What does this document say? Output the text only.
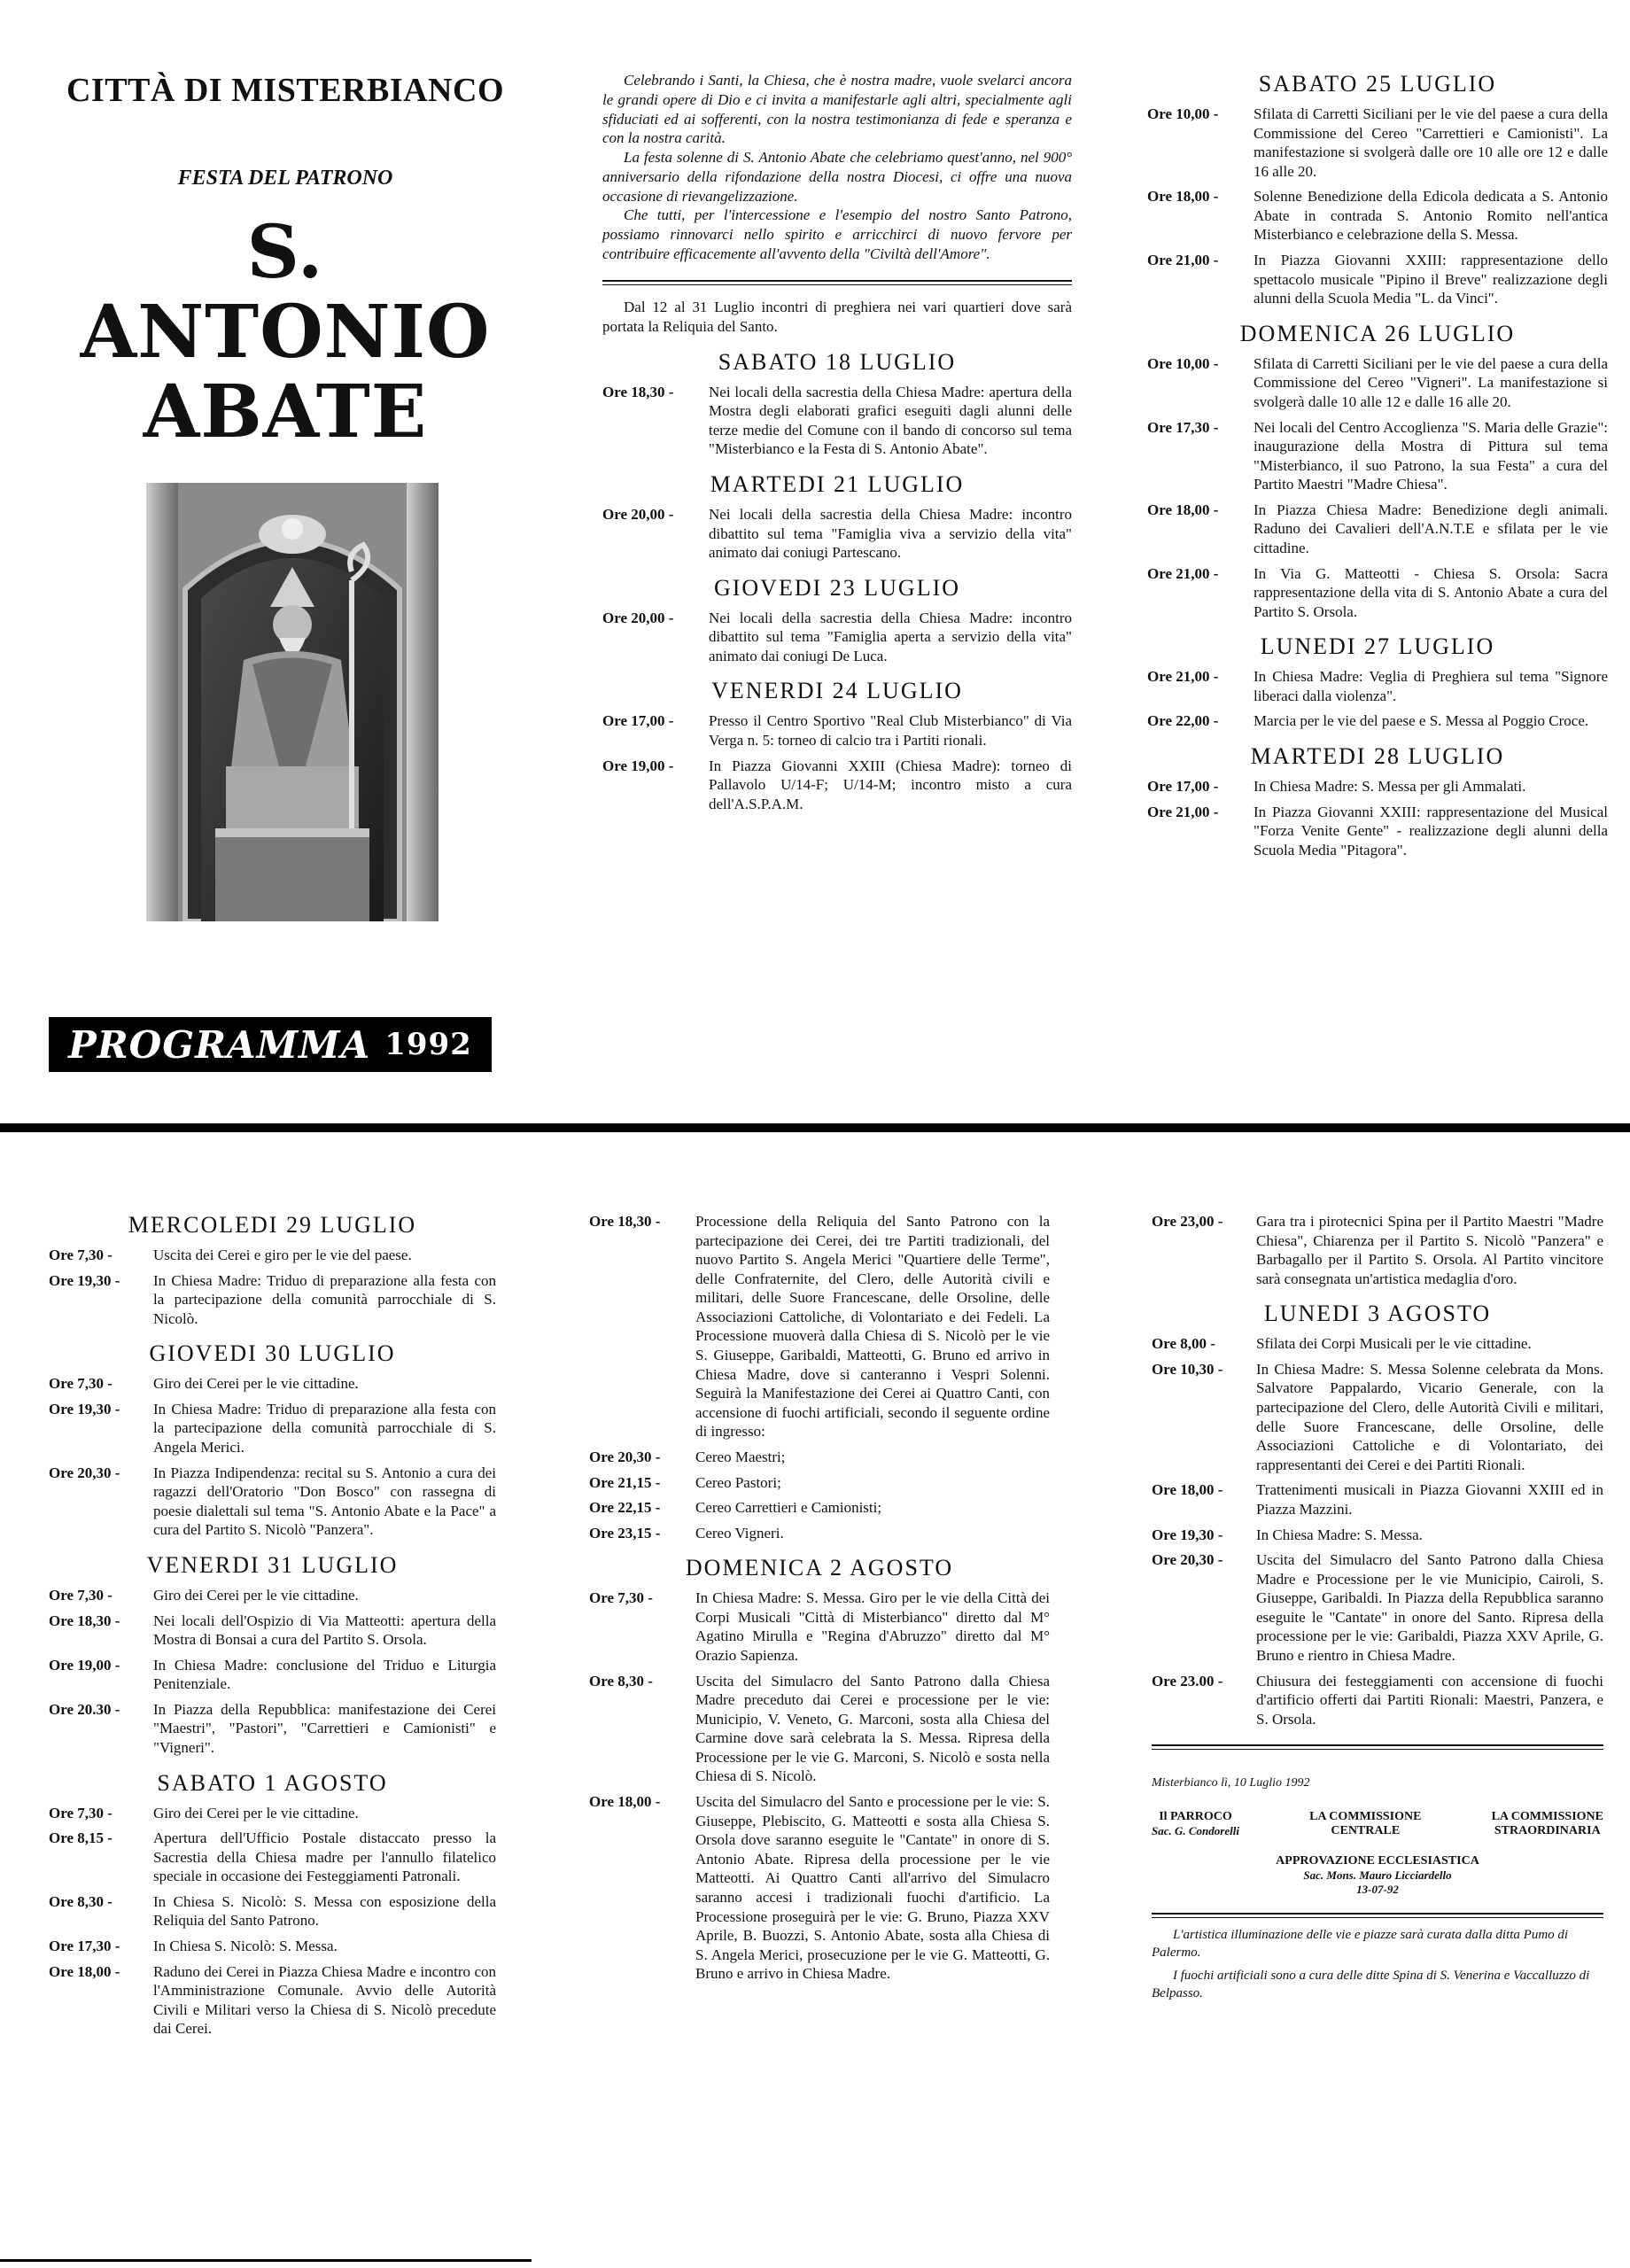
CITTÀ DI MISTERBIANCO
FESTA DEL PATRONO
S. ANTONIO
ABATE
PROGRAMMA 1992

Celebrando i Santi, la Chiesa, che è nostra madre, vuole svelarci ancora le grandi opere di Dio e ci invita a manifestarle agli altri, specialmente agli sfiduciati ed ai sofferenti, con la nostra testimonianza di fede e speranza e con la nostra carità.

La festa solenne di S. Antonio Abate che celebriamo quest'anno, nel 900° anniversario della rifondazione della nostra Diocesi, ci offre una nuova occasione di rievangelizzazione.

Che tutti, per l'intercessione e l'esempio del nostro Santo Patrono, possiamo rinnovarci nello spirito e arricchirci di nuovo fervore per contribuire efficacemente all'avvento della "Civiltà dell'Amore".

Dal 12 al 31 Luglio incontri di preghiera nei vari quartieri dove sarà portata la Reliquia del Santo.
SABATO 18 LUGLIO
Ore 18,30 -	Nei locali della sacrestia della Chiesa Madre: apertura della Mostra degli elaborati grafici eseguiti dagli alunni delle terze medie del Comune con il bando di concorso sul tema "Misterbianco e la Festa di S. Antonio Abate".
MARTEDI 21 LUGLIO
Ore 20,00 -	Nei locali della sacrestia della Chiesa Madre: incontro dibattito sul tema "Famiglia viva a servizio della vita" animato dai coniugi Partescano.
GIOVEDI 23 LUGLIO
Ore 20,00 -	Nei locali della sacrestia della Chiesa Madre: incontro dibattito sul tema "Famiglia aperta a servizio della vita" animato dai coniugi De Luca.
VENERDI 24 LUGLIO
Ore 17,00 -	Presso il Centro Sportivo "Real Club Misterbianco" di Via Verga n. 5: torneo di calcio tra i Partiti rionali.
Ore 19,00 -	In Piazza Giovanni XXIII (Chiesa Madre): torneo di Pallavolo U/14-F; U/14-M; incontro misto a cura dell'A.S.P.A.M.
SABATO 25 LUGLIO
Ore 10,00 -	Sfilata di Carretti Siciliani per le vie del paese a cura della Commissione del Cereo "Carrettieri e Camionisti". La manifestazione si svolgerà dalle ore 10 alle ore 12 e dalle 16 alle 20.
Ore 18,00 -	Solenne Benedizione della Edicola dedicata a S. Antonio Abate in contrada S. Antonio Romito nell'antica Misterbianco e celebrazione della S. Messa.
Ore 21,00 -	In Piazza Giovanni XXIII: rappresentazione dello spettacolo musicale "Pipino il Breve" realizzazione degli alunni della Scuola Media "L. da Vinci".
DOMENICA 26 LUGLIO
Ore 10,00 -	Sfilata di Carretti Siciliani per le vie del paese a cura della Commissione del Cereo "Vigneri". La manifestazione si svolgerà dalle 10 alle 12 e dalle 16 alle 20.
Ore 17,30 -	Nei locali del Centro Accoglienza "S. Maria delle Grazie": inaugurazione della Mostra di Pittura sul tema "Misterbianco, il suo Patrono, la sua Festa" a cura del Partito Maestri "Madre Chiesa".
Ore 18,00 -	In Piazza Chiesa Madre: Benedizione degli animali. Raduno dei Cavalieri dell'A.N.T.E e sfilata per le vie cittadine.
Ore 21,00 -	In Via G. Matteotti - Chiesa S. Orsola: Sacra rappresentazione della vita di S. Antonio Abate a cura del Partito S. Orsola.
LUNEDI 27 LUGLIO
Ore 21,00 -	In Chiesa Madre: Veglia di Preghiera sul tema "Signore liberaci dalla violenza".
Ore 22,00 -	Marcia per le vie del paese e S. Messa al Poggio Croce.
MARTEDI 28 LUGLIO
Ore 17,00 -	In Chiesa Madre: S. Messa per gli Ammalati.
Ore 21,00 -	In Piazza Giovanni XXIII: rappresentazione del Musical "Forza Venite Gente" - realizzazione degli alunni della Scuola Media "Pitagora".
MERCOLEDI 29 LUGLIO
Ore 7,30 -	Uscita dei Cerei e giro per le vie del paese.
Ore 19,30 -	In Chiesa Madre: Triduo di preparazione alla festa con la partecipazione della comunità parrocchiale di S. Nicolò.
GIOVEDI 30 LUGLIO
Ore 7,30 -	Giro dei Cerei per le vie cittadine.
Ore 19,30 -	In Chiesa Madre: Triduo di preparazione alla festa con la partecipazione della comunità parrocchiale di S. Angela Merici.
Ore 20,30 -	In Piazza Indipendenza: recital su S. Antonio a cura dei ragazzi dell'Oratorio "Don Bosco" con rassegna di poesie dialettali sul tema "S. Antonio Abate e la Pace" a cura del Partito S. Nicolò "Panzera".
VENERDI 31 LUGLIO
Ore 7,30 -	Giro dei Cerei per le vie cittadine.
Ore 18,30 -	Nei locali dell'Ospizio di Via Matteotti: apertura della Mostra di Bonsai a cura del Partito S. Orsola.
Ore 19,00 -	In Chiesa Madre: conclusione del Triduo e Liturgia Penitenziale.
Ore 20.30 -	In Piazza della Repubblica: manifestazione dei Cerei "Maestri", "Pastori", "Carrettieri e Camionisti" e "Vigneri".
SABATO 1 AGOSTO
Ore 7,30 -	Giro dei Cerei per le vie cittadine.
Ore 8,15 -	Apertura dell'Ufficio Postale distaccato presso la Sacrestia della Chiesa madre per l'annullo filatelico speciale in occasione dei Festeggiamenti Patronali.
Ore 8,30 -	In Chiesa S. Nicolò: S. Messa con esposizione della Reliquia del Santo Patrono.
Ore 17,30 -	In Chiesa S. Nicolò: S. Messa.
Ore 18,00 -	Raduno dei Cerei in Piazza Chiesa Madre e incontro con l'Amministrazione Comunale. Avvio delle Autorità Civili e Militari verso la Chiesa di S. Nicolò precedute dai Cerei.
Ore 18,30 -	Processione della Reliquia del Santo Patrono con la partecipazione dei Cerei, dei tre Partiti tradizionali, del nuovo Partito S. Angela Merici "Quartiere delle Terme", delle Confraternite, del Clero, delle Autorità civili e militari, delle Suore Francescane, delle Orsoline, delle Associazioni Cattoliche, di Volontariato e dei Fedeli. La Processione muoverà dalla Chiesa di S. Nicolò per le vie S. Giuseppe, Garibaldi, Matteotti, G. Bruno ed arrivo in Chiesa Madre, dove si canteranno i Vespri Solenni. Seguirà la Manifestazione dei Cerei ai Quattro Canti, con accensione di fuochi artificiali, secondo il seguente ordine di ingresso:
Ore 20,30 -	Cereo Maestri;
Ore 21,15 -	Cereo Pastori;
Ore 22,15 -	Cereo Carrettieri e Camionisti;
Ore 23,15 -	Cereo Vigneri.
DOMENICA 2 AGOSTO
Ore 7,30 -	In Chiesa Madre: S. Messa. Giro per le vie della Città dei Corpi Musicali "Città di Misterbianco" diretto dal M° Agatino Mirulla e "Regina d'Abruzzo" diretto dal M° Orazio Sapienza.
Ore 8,30 -	Uscita del Simulacro del Santo Patrono dalla Chiesa Madre preceduto dai Cerei e processione per le vie: Municipio, V. Veneto, G. Marconi, sosta alla Chiesa del Carmine dove sarà celebrata la S. Messa. Ripresa della Processione per le vie G. Marconi, S. Nicolò e sosta nella Chiesa di S. Nicolò.
Ore 18,00 -	Uscita del Simulacro del Santo e processione per le vie: S. Giuseppe, Plebiscito, G. Matteotti e sosta alla Chiesa S. Orsola dove saranno eseguite le "Cantate" in onore di S. Antonio Abate. Ripresa della processione per le vie Matteotti. Ai Quattro Canti all'arrivo del Simulacro saranno accesi i tradizionali fuochi d'artificio. La Processione proseguirà per le vie: G. Bruno, Piazza XXV Aprile, B. Buozzi, S. Antonio Abate, sosta alla Chiesa di S. Angela Merici, prosecuzione per le vie G. Matteotti, G. Bruno e arrivo in Chiesa Madre.
Ore 23,00 -	Gara tra i pirotecnici Spina per il Partito Maestri "Madre Chiesa", Chiarenza per il Partito S. Nicolò "Panzera" e Barbagallo per il Partito S. Orsola. Al Partito vincitore sarà consegnata un'artistica medaglia d'oro.
LUNEDI 3 AGOSTO
Ore 8,00 -	Sfilata dei Corpi Musicali per le vie cittadine.
Ore 10,30 -	In Chiesa Madre: S. Messa Solenne celebrata da Mons. Salvatore Pappalardo, Vicario Generale, con la partecipazione del Clero, delle Autorità Civili e militari, delle Suore Francescane, delle Orsoline, delle Associazioni Cattoliche e di Volontariato, dei rappresentanti dei Cerei e dei Partiti Rionali.
Ore 18,00 -	Trattenimenti musicali in Piazza Giovanni XXIII ed in Piazza Mazzini.
Ore 19,30 -	In Chiesa Madre: S. Messa.
Ore 20,30 -	Uscita del Simulacro del Santo Patrono dalla Chiesa Madre e Processione per le vie Municipio, Cairoli, S. Giuseppe, Garibaldi. In Piazza della Repubblica saranno eseguite le "Cantate" in onore del Santo. Ripresa della processione per le vie: Garibaldi, Piazza XXV Aprile, G. Bruno e rientro in Chiesa Madre.
Ore 23.00 -	Chiusura dei festeggiamenti con accensione di fuochi d'artificio offerti dai Partiti Rionali: Maestri, Panzera, e S. Orsola.
Misterbianco lì, 10 Luglio 1992
Il PARROCO
Sac. G. Condorelli
LA COMMISSIONE
CENTRALE
LA COMMISSIONE
STRAORDINARIA
APPROVAZIONE ECCLESIASTICA
Sac. Mons. Mauro Licciardello
13-07-92

L'artistica illuminazione delle vie e piazze sarà curata dalla ditta Pumo di Palermo.

I fuochi artificiali sono a cura delle ditte Spina di S. Venerina e Vaccalluzzo di Belpasso.
